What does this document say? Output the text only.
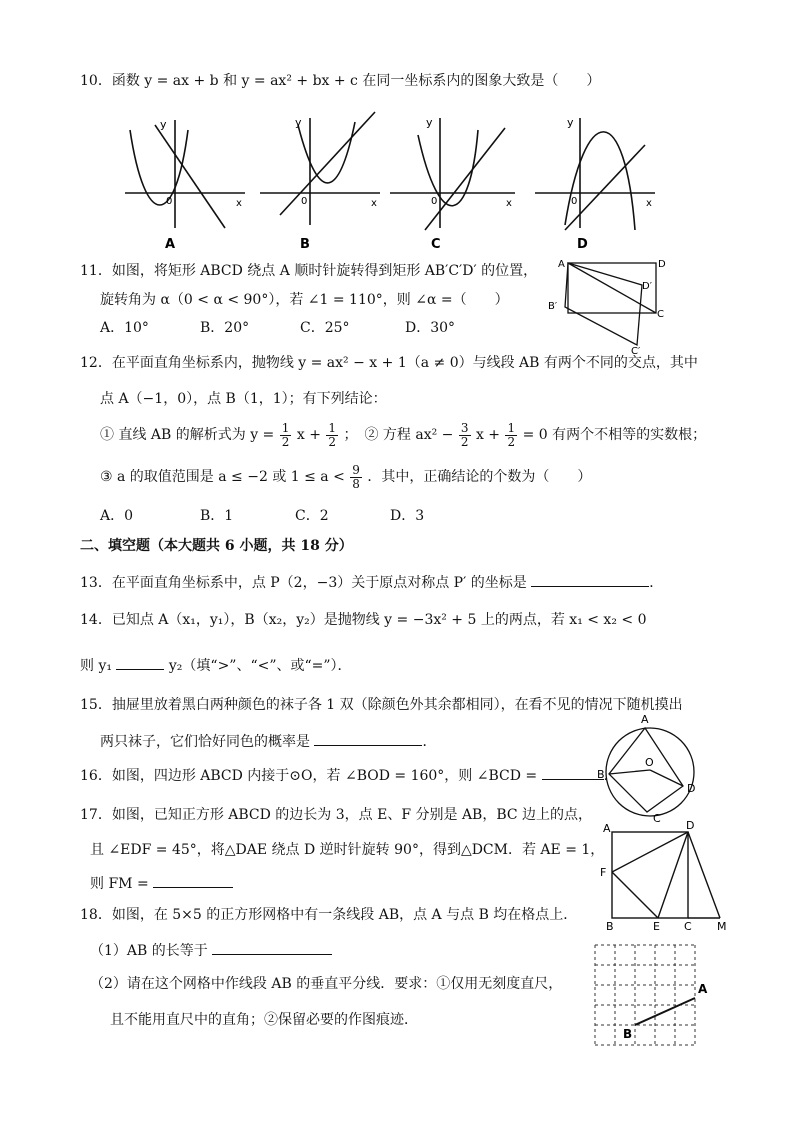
10．函数 y = ax + b 和 y = ax² + bx + c 在同一坐标系内的图象大致是（　　）
y
0	x
A
y
0	x
B
y
0	x
C
y
0	x
D
11．如图，将矩形 ABCD 绕点 A 顺时针旋转得到矩形 AB′C′D′ 的位置，
旋转角为 α（0 < α < 90°），若 ∠1 = 110°，则 ∠α =（　　）
A．10°	B．20°	C．25°	D．30°
A	D
D′
B′
C
C′
12．在平面直角坐标系内，抛物线 y = ax² − x + 1（a ≠ 0）与线段 AB 有两个不同的交点，其中
点 A（−1，0），点 B（1，1）；有下列结论：
① 直线 AB 的解析式为 $y = \frac{1}{2}$ $x + \frac{1}{2}$ ；　② 方程 $ax^2 - \frac{3}{2}$ $x + \frac{1}{2} = 0$ 有两个不相等的实数根；
③ a 的取值范围是 a ≤ −2 或 $1 \le a < \frac{9}{8}$ ．其中，正确结论的个数为（　　）
A．0	B．1	C．2	D．3
二、填空题（本大题共 6 小题，共 18 分）
13．在平面直角坐标系中，点 P（2，−3）关于原点对称点 P′ 的坐标是	．
14．已知点 A（x₁，y₁），B（x₂，y₂）是抛物线 y = −3x² + 5 上的两点，若 x₁ < x₂ < 0
则 y₁	y₂（填“>”、“<”、或“=”）．
15．抽屉里放着黑白两种颜色的袜子各 1 双（除颜色外其余都相同），在看不见的情况下随机摸出
两只袜子，它们恰好同色的概率是	．
16．如图，四边形 ABCD 内接于⊙O，若 ∠BOD = 160°，则 ∠BCD =	．
A
O
B
D
C
17．如图，已知正方形 ABCD 的边长为 3，点 E、F 分别是 AB，BC 边上的点，
且 ∠EDF = 45°，将△DAE 绕点 D 逆时针旋转 90°，得到△DCM．若 AE = 1，
则 FM =
A	D
F
B	E C M
18．如图，在 5×5 的正方形网格中有一条线段 AB，点 A 与点 B 均在格点上．
（1）AB 的长等于
（2）请在这个网格中作线段 AB 的垂直平分线．要求：①仅用无刻度直尺，
且不能用直尺中的直角；②保留必要的作图痕迹．
A
B
